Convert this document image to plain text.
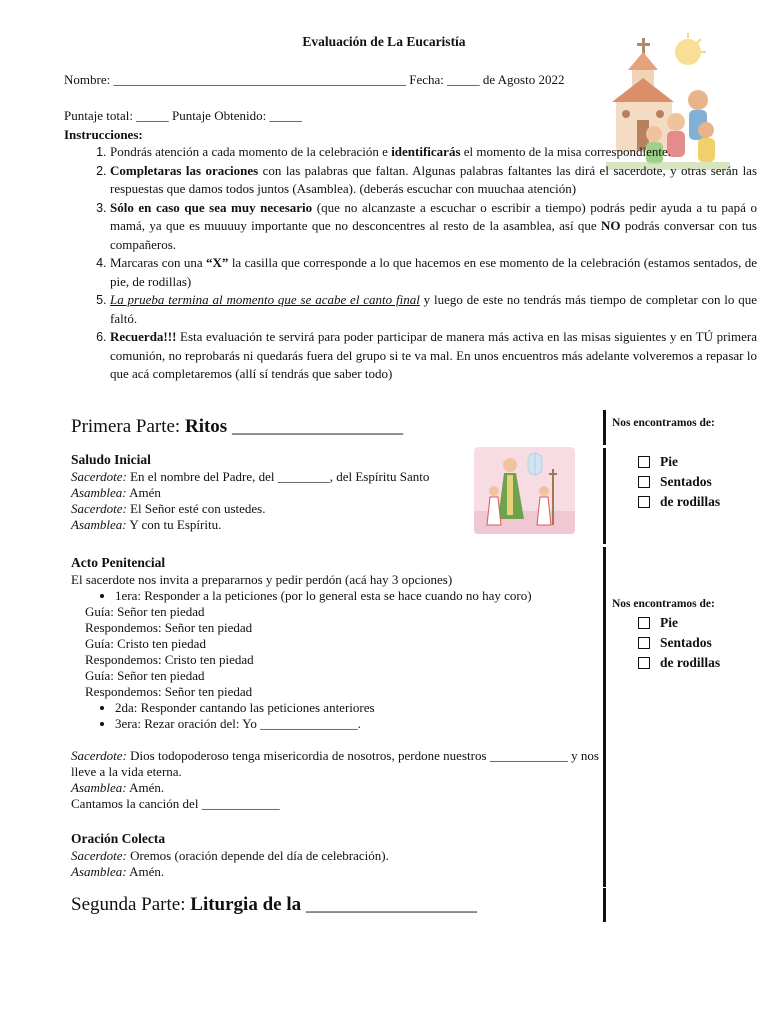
Evaluación de La Eucaristía
Nombre: _____________________________________________ Fecha: _____ de Agosto 2022
Puntaje total: _____ Puntaje Obtenido: _____
Instrucciones:
1. Pondrás atención a cada momento de la celebración e identificarás el momento de la misa correspondiente.
2. Completaras las oraciones con las palabras que faltan. Algunas palabras faltantes las dirá el sacerdote, y otras serán las respuestas que damos todos juntos (Asamblea). (deberás escuchar con muuchaa atención)
3. Sólo en caso que sea muy necesario (que no alcanzaste a escuchar o escribir a tiempo) podrás pedir ayuda a tu papá o mamá, ya que es muuuuy importante que no desconcentres al resto de la asamblea, así que NO podrás conversar con tus compañeros.
4. Marcaras con una “X” la casilla que corresponde a lo que hacemos en ese momento de la celebración (estamos sentados, de pie, de rodillas)
5. La prueba termina al momento que se acabe el canto final y luego de este no tendrás más tiempo de completar con lo que faltó.
6. Recuerda!!! Esta evaluación te servirá para poder participar de manera más activa en las misas siguientes y en TÚ primera comunión, no reprobarás ni quedarás fuera del grupo si te va mal. En unos encuentros más adelante volveremos a repasar lo que acá completaremos (allí sí tendrás que saber todo)
Primera Parte: Ritos __________________	Nos encontramos de:
Pie
Sentados
de rodillas
Saludo Inicial

Sacerdote: En el nombre del Padre, del ________, del Espíritu Santo

Asamblea: Amén

Sacerdote: El Señor esté con ustedes.

Asamblea: Y con tu Espíritu.

Acto Penitencial

El sacerdote nos invita a prepararnos y pedir perdón (acá hay 3 opciones)

• 1era: Responder a la peticiones (por lo general esta se hace cuando no hay coro)

Guía: Señor ten piedad

Respondemos: Señor ten piedad

Guía: Cristo ten piedad

Respondemos: Cristo ten piedad

Guía: Señor ten piedad

Respondemos: Señor ten piedad

• 2da: Responder cantando las peticiones anteriores
• 3era: Rezar oración del: Yo _______________.

Sacerdote: Dios todopoderoso tenga misericordia de nosotros, perdone nuestros ____________ y nos lleve a la vida eterna.

Asamblea: Amén.

Cantamos la canción del ____________

Nos encontramos de:
Pie
Sentados
de rodillas
Oración Colecta

Sacerdote: Oremos (oración depende del día de celebración).

Asamblea: Amén.

Segunda Parte: Liturgia de la __________________
